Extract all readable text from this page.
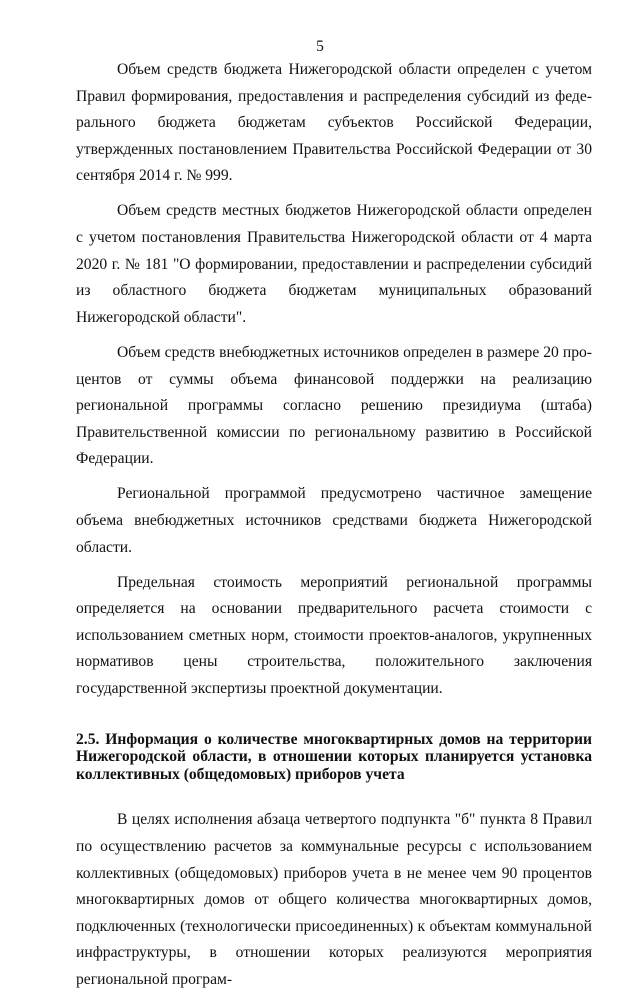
5

Объем средств бюджета Нижегородской области определен с учетом Правил формирования, предоставления и распределения субсидий из федерального бюджета бюджетам субъектов Российской Федерации, утвержденных постановлением Правительства Российской Федерации от 30 сентября 2014 г. № 999.

Объем средств местных бюджетов Нижегородской области определен с учетом постановления Правительства Нижегородской области от 4 марта 2020 г. № 181 "О формировании, предоставлении и распределении субсидий из областного бюджета бюджетам муниципальных образований Нижегородской области".

Объем средств внебюджетных источников определен в размере 20 процентов от суммы объема финансовой поддержки на реализацию региональной программы согласно решению президиума (штаба) Правительственной комиссии по региональному развитию в Российской Федерации.

Региональной программой предусмотрено частичное замещение объема внебюджетных источников средствами бюджета Нижегородской области.

Предельная стоимость мероприятий региональной программы определяется на основании предварительного расчета стоимости с использованием сметных норм, стоимости проектов-аналогов, укрупненных нормативов цены строительства, положительного заключения государственной экспертизы проектной документации.

2.5. Информация о количестве многоквартирных домов на территории Нижегородской области, в отношении которых планируется установка коллективных (общедомовых) приборов учета

В целях исполнения абзаца четвертого подпункта "б" пункта 8 Правил по осуществлению расчетов за коммунальные ресурсы с использованием коллективных (общедомовых) приборов учета в не менее чем 90 процентов многоквартирных домов от общего количества многоквартирных домов, подключенных (технологически присоединенных) к объектам коммунальной инфраструктуры, в отношении которых реализуются мероприятия региональной програм-
